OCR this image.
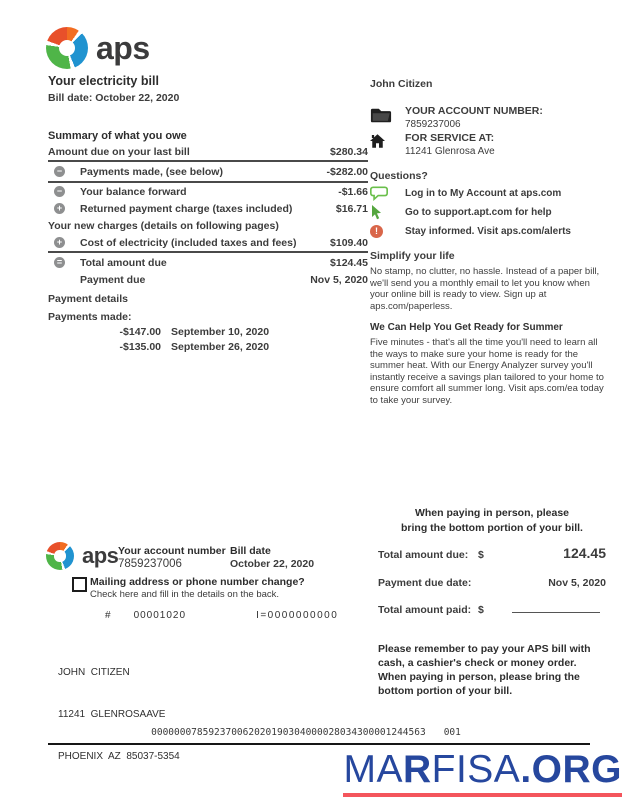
aps
Your electricity bill
Bill date: October 22, 2020
Summary of what you owe
Amount due on your last bill	$280.34
−
Payments made, (see below)	-$282.00
−
Your balance forward	-$1.66
+
Returned payment charge (taxes included)	$16.71
Your new charges (details on following pages)
+
Cost of electricity (included taxes and fees)	$109.40
=
Total amount due	$124.45
Payment due	Nov 5, 2020
Payment details
Payments made:
-$147.00 September 10, 2020
-$135.00 September 26, 2020
John Citizen
YOUR ACCOUNT NUMBER:
7859237006
FOR SERVICE AT:
11241 Glenrosa Ave
Questions?
Log in to My Account at aps.com
Go to support.apt.com for help
!
Stay informed. Visit aps.com/alerts
Simplify your life
No stamp, no clutter, no hassle. Instead of a paper bill, we'll send you a monthly email to let you know when your online bill is ready to view. Sign up at aps.com/paperless.
We Can Help You Get Ready for Summer
Five minutes - that's all the time you'll need to learn all the ways to make sure your home is ready for the summer heat. With our Energy Analyzer survey you'll instantly receive a savings plan tailored to your home to ensure comfort all summer long. Visit aps.com/ea today to take your survey.
aps Your account number
7859237006
Bill date
October 22, 2020
Mailing address or phone number change?
Check here and fill in the details on the back.
# 00001020	I=0000000000

JOHN  CITIZEN

11241  GLENROSAAVE

PHOENIX  AZ  85037-5354

When paying in person, please
bring the bottom portion of your bill.
Total amount due: $	124.45
Payment due date:	Nov 5, 2020
Total amount paid: $
Please remember to pay your APS bill with cash, a cashier's check or money order. When paying in person, please bring the bottom portion of your bill.
000000078592370062020190304000028034300001244563 001
MARFISA.ORG
